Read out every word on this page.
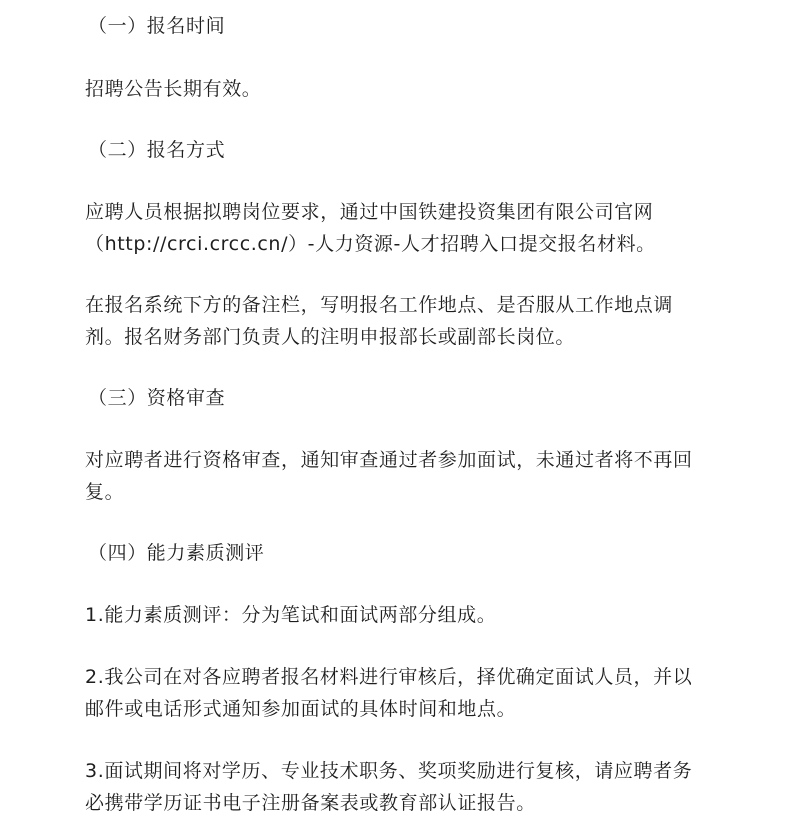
（一）报名时间
招聘公告长期有效。
（二）报名方式
应聘人员根据拟聘岗位要求，通过中国铁建投资集团有限公司官网
（http://crci.crcc.cn/）-人力资源-人才招聘入口提交报名材料。
在报名系统下方的备注栏，写明报名工作地点、是否服从工作地点调
剂。报名财务部门负责人的注明申报部长或副部长岗位。
（三）资格审查
对应聘者进行资格审查，通知审查通过者参加面试，未通过者将不再回
复。
（四）能力素质测评
1.能力素质测评：分为笔试和面试两部分组成。
2.我公司在对各应聘者报名材料进行审核后，择优确定面试人员，并以
邮件或电话形式通知参加面试的具体时间和地点。
3.面试期间将对学历、专业技术职务、奖项奖励进行复核，请应聘者务
必携带学历证书电子注册备案表或教育部认证报告。
